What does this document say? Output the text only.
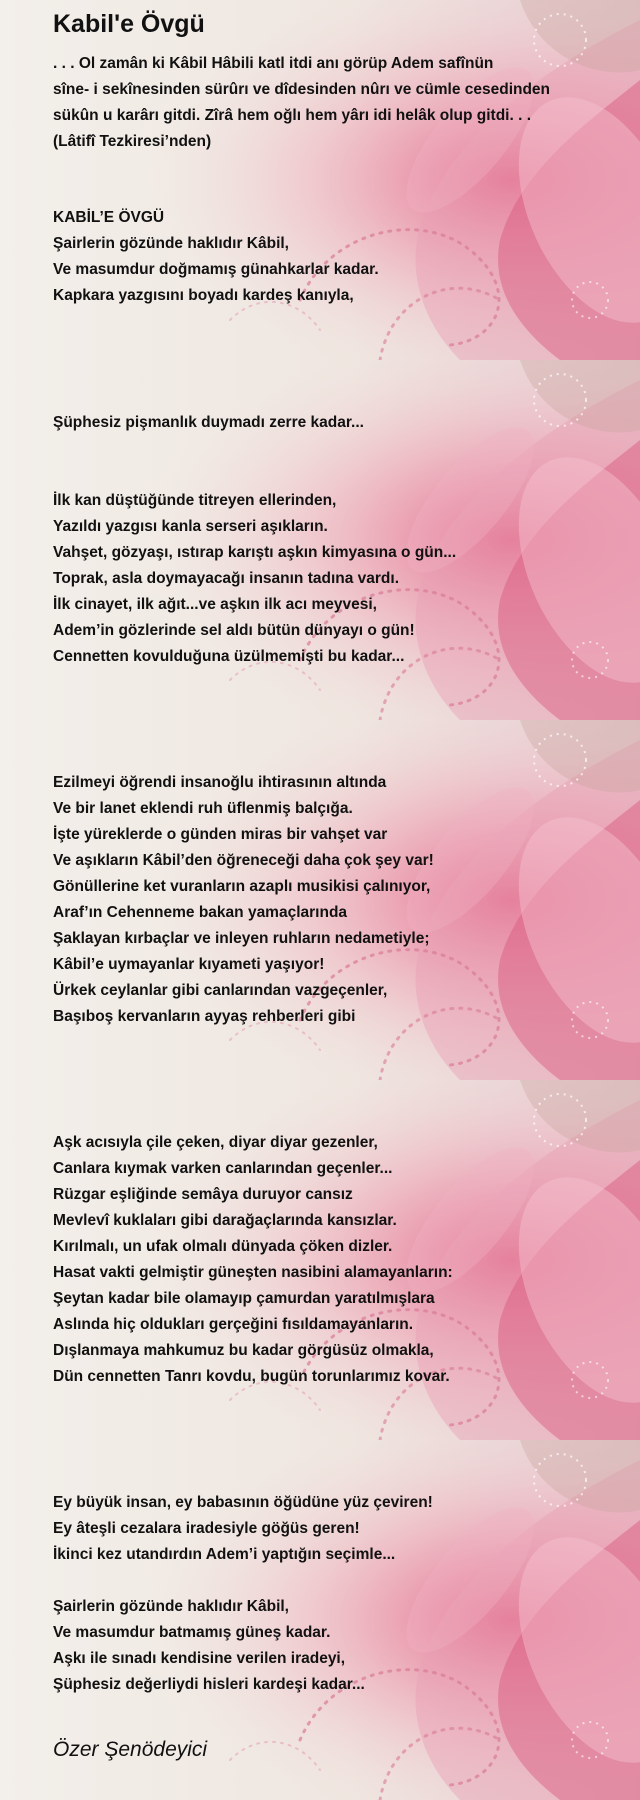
Kabil'e Övgü
. . . Ol zamân ki Kâbil Hâbili katl itdi anı görüp Adem safînün
sîne- i sekînesinden sürûrı ve dîdesinden nûrı ve cümle cesedinden
sükûn u karârı gitdi. Zîrâ hem oğlı hem yârı idi helâk olup gitdi. . .
(Lâtifî Tezkiresi’nden)
KABİL’E ÖVGÜ
Şairlerin gözünde haklıdır Kâbil,
Ve masumdur doğmamış günahkarlar kadar.
Kapkara yazgısını boyadı kardeş kanıyla,
Şüphesiz pişmanlık duymadı zerre kadar...
İlk kan düştüğünde titreyen ellerinden,
Yazıldı yazgısı kanla serseri aşıkların.
Vahşet, gözyaşı, ıstırap karıştı aşkın kimyasına o gün...
Toprak, asla doymayacağı insanın tadına vardı.
İlk cinayet, ilk ağıt...ve aşkın ilk acı meyvesi,
Adem’in gözlerinde sel aldı bütün dünyayı o gün!
Cennetten kovulduğuna üzülmemişti bu kadar...
Ezilmeyi öğrendi insanoğlu ihtirasının altında
Ve bir lanet eklendi ruh üflenmiş balçığa.
İşte yüreklerde o günden miras bir vahşet var
Ve aşıkların Kâbil’den öğreneceği daha çok şey var!
Gönüllerine ket vuranların azaplı musikisi çalınıyor,
Araf’ın Cehenneme bakan yamaçlarında
Şaklayan kırbaçlar ve inleyen ruhların nedametiyle;
Kâbil’e uymayanlar kıyameti yaşıyor!
Ürkek ceylanlar gibi canlarından vazgeçenler,
Başıboş kervanların ayyaş rehberleri gibi
Aşk acısıyla çile çeken, diyar diyar gezenler,
Canlara kıymak varken canlarından geçenler...
Rüzgar eşliğinde semâya duruyor cansız
Mevlevî kuklaları gibi darağaçlarında kansızlar.
Kırılmalı, un ufak olmalı dünyada çöken dizler.
Hasat vakti gelmiştir güneşten nasibini alamayanların:
Şeytan kadar bile olamayıp çamurdan yaratılmışlara
Aslında hiç oldukları gerçeğini fısıldamayanların.
Dışlanmaya mahkumuz bu kadar görgüsüz olmakla,
Dün cennetten Tanrı kovdu, bugün torunlarımız kovar.
Ey büyük insan, ey babasının öğüdüne yüz çeviren!
Ey âteşli cezalara iradesiyle göğüs geren!
İkinci kez utandırdın Adem’i yaptığın seçimle...
Şairlerin gözünde haklıdır Kâbil,
Ve masumdur batmamış güneş kadar.
Aşkı ile sınadı kendisine verilen iradeyi,
Şüphesiz değerliydi hisleri kardeşi kadar...
Özer Şenödeyici
